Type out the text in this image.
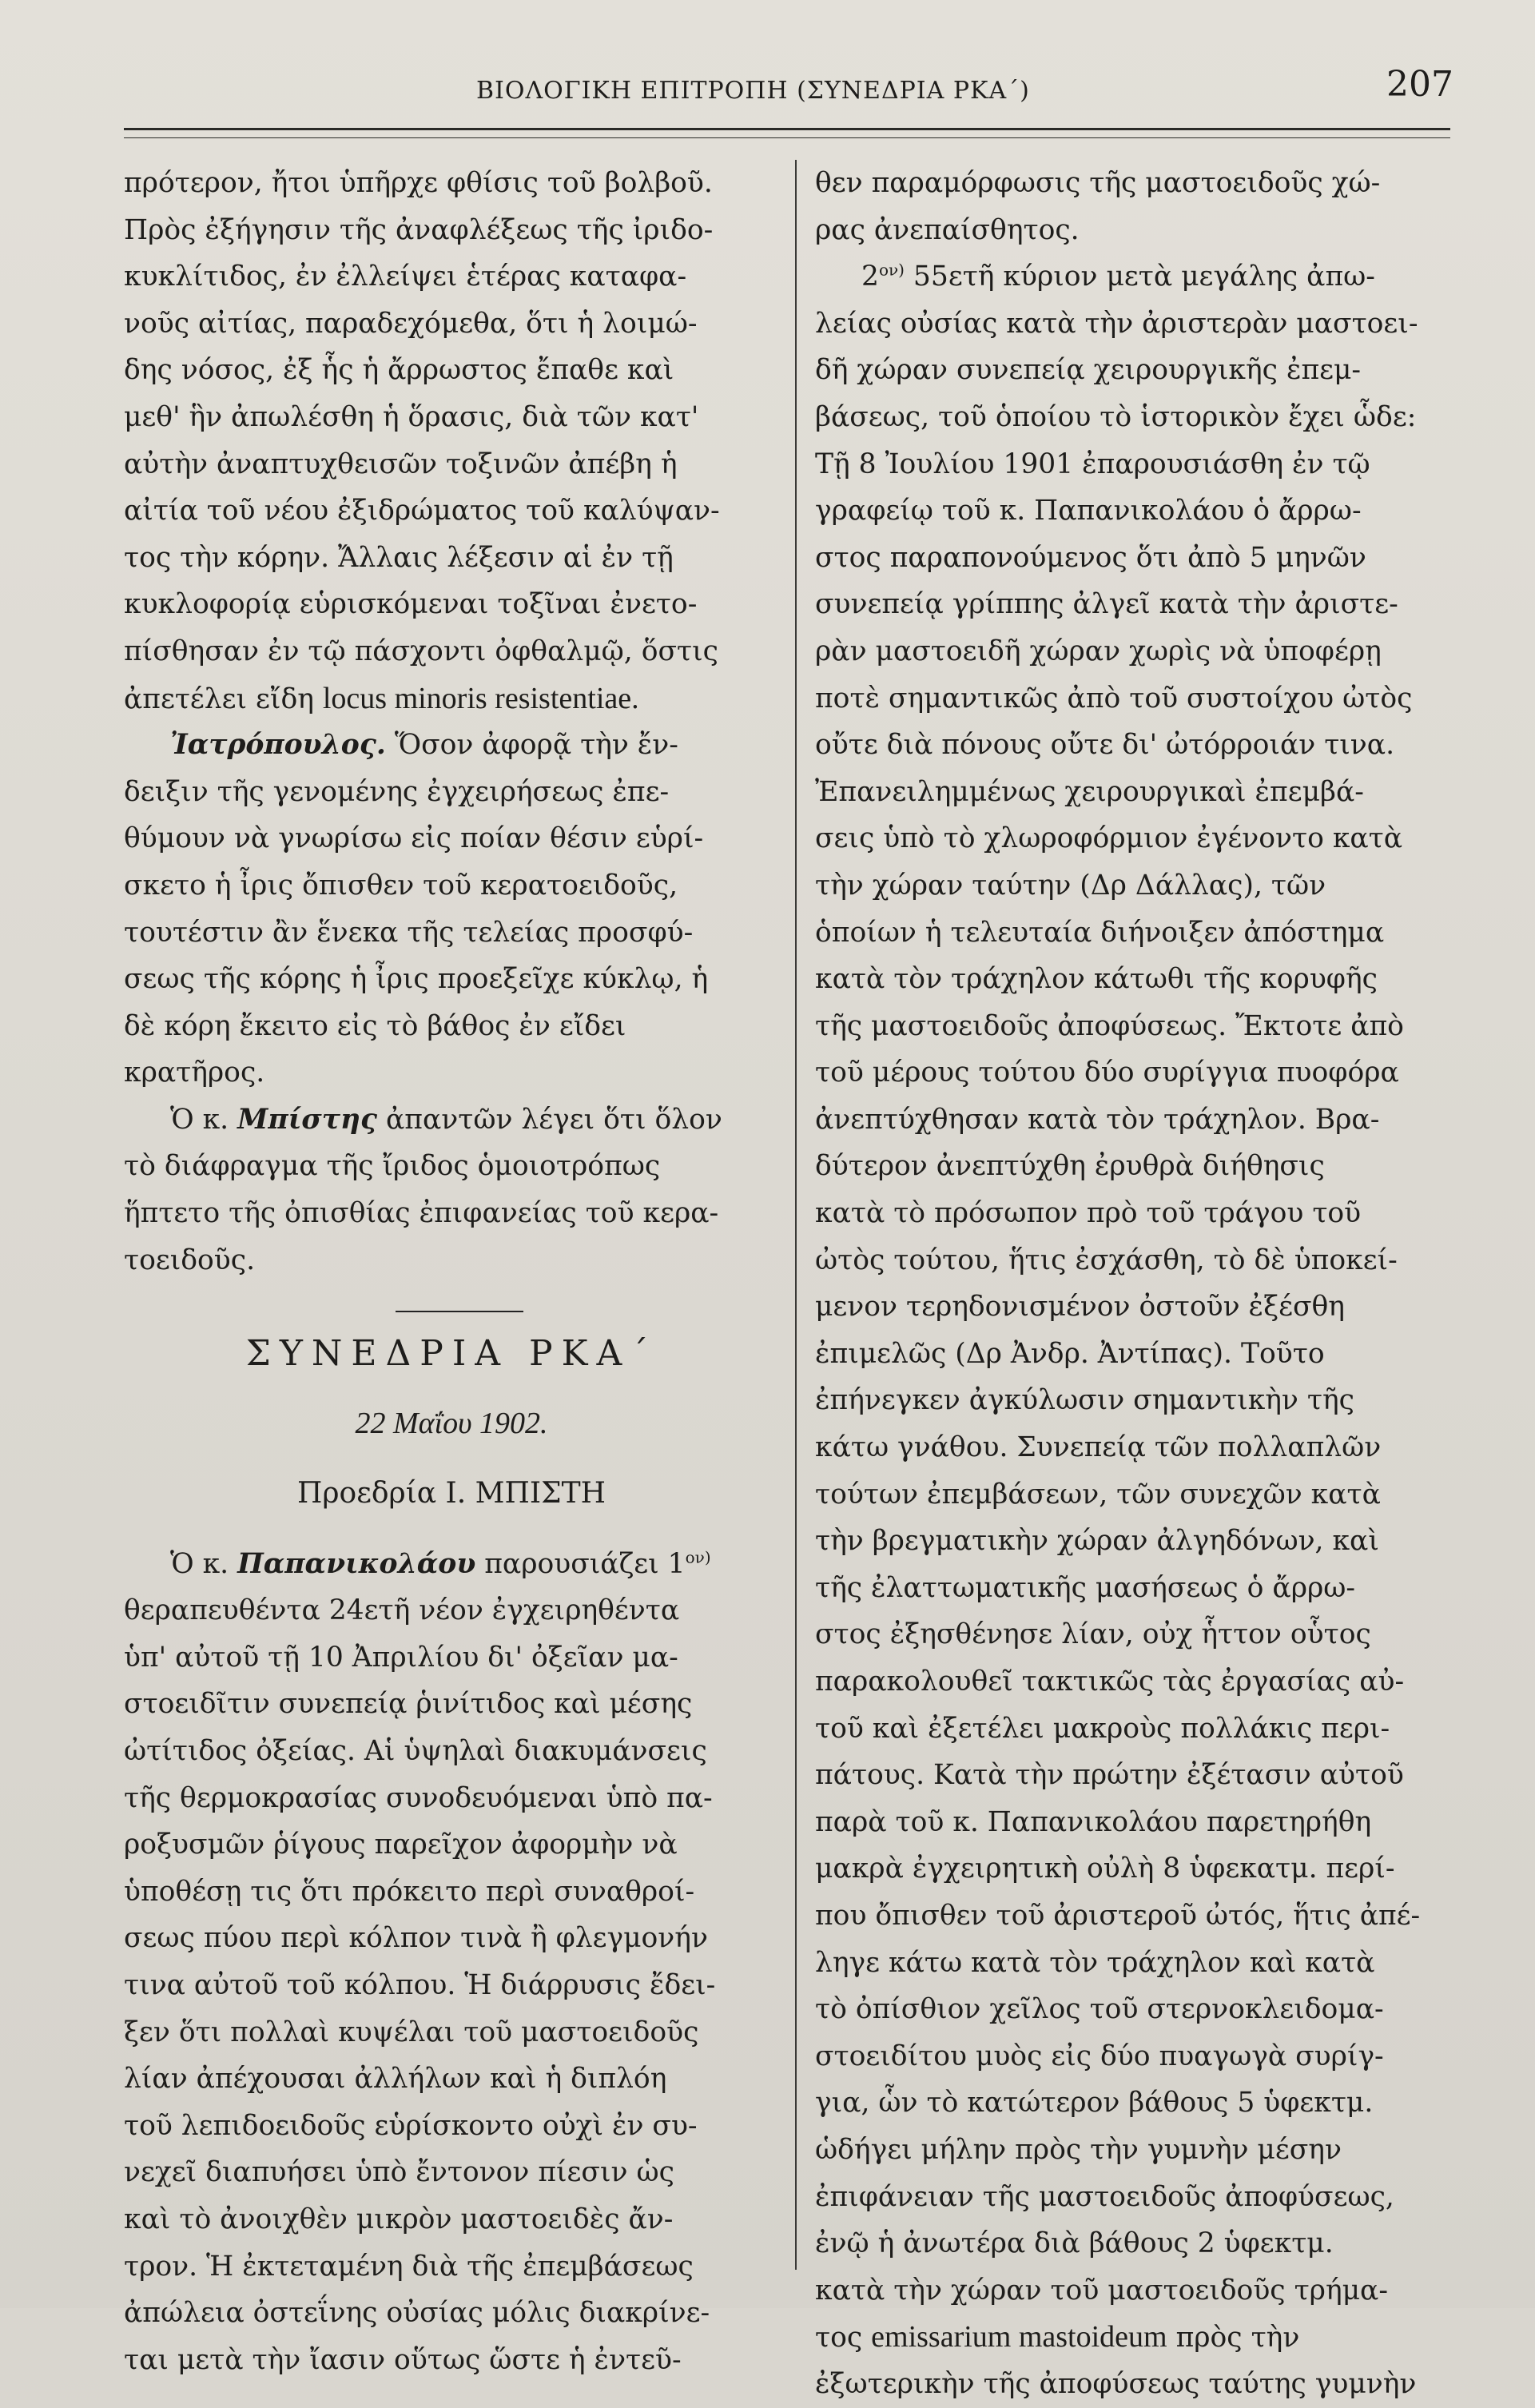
ΒΙΟΛΟΓΙΚΗ ΕΠΙΤΡΟΠΗ (ΣΥΝΕΔΡΙΑ ΡΚΑ΄)	207
πρότερον, ἤτοι ὑπῆρχε φθίσις τοῦ βολβοῦ.
Πρὸς ἐξήγησιν τῆς ἀναφλέξεως τῆς ἰριδο-
κυκλίτιδος, ἐν ἐλλείψει ἑτέρας καταφα-
νοῦς αἰτίας, παραδεχόμεθα, ὅτι ἡ λοιμώ-
δης νόσος, ἐξ ἧς ἡ ἄρρωστος ἔπαθε καὶ
μεθ' ἣν ἀπωλέσθη ἡ ὅρασις, διὰ τῶν κατ'
αὐτὴν ἀναπτυχθεισῶν τοξινῶν ἀπέβη ἡ
αἰτία τοῦ νέου ἐξιδρώματος τοῦ καλύψαν-
τος τὴν κόρην. Ἄλλαις λέξεσιν αἱ ἐν τῇ
κυκλοφορίᾳ εὑρισκόμεναι τοξῖναι ἐνετο-
πίσθησαν ἐν τῷ πάσχοντι ὀφθαλμῷ, ὅστις
ἀπετέλει εἴδη locus minoris resistentiae.
Ἰατρόπουλος. Ὅσον ἀφορᾷ τὴν ἔν-
δειξιν τῆς γενομένης ἐγχειρήσεως ἐπε-
θύμουν νὰ γνωρίσω εἰς ποίαν θέσιν εὑρί-
σκετο ἡ ἶρις ὄπισθεν τοῦ κερατοειδοῦς,
τουτέστιν ἂν ἕνεκα τῆς τελείας προσφύ-
σεως τῆς κόρης ἡ ἶρις προεξεῖχε κύκλῳ, ἡ
δὲ κόρη ἔκειτο εἰς τὸ βάθος ἐν εἴδει
κρατῆρος.
Ὁ κ. Μπίστης ἀπαντῶν λέγει ὅτι ὅλον
τὸ διάφραγμα τῆς ἴριδος ὁμοιοτρόπως
ἥπτετο τῆς ὀπισθίας ἐπιφανείας τοῦ κερα-
τοειδοῦς.
ΣΥΝΕΔΡΙΑ ΡΚΑ΄
22 Μαΐου 1902.
Προεδρία Ι. ΜΠΙΣΤΗ
Ὁ κ. Παπανικολάου παρουσιάζει $1^{o\nu)}$
θεραπευθέντα 24ετῆ νέον ἐγχειρηθέντα
ὑπ' αὐτοῦ τῇ 10 Ἀπριλίου δι' ὀξεῖαν μα-
στοειδῖτιν συνεπείᾳ ῥινίτιδος καὶ μέσης
ὠτίτιδος ὀξείας. Αἱ ὑψηλαὶ διακυμάνσεις
τῆς θερμοκρασίας συνοδευόμεναι ὑπὸ πα-
ροξυσμῶν ῥίγους παρεῖχον ἀφορμὴν νὰ
ὑποθέσῃ τις ὅτι πρόκειτο περὶ συναθροί-
σεως πύου περὶ κόλπον τινὰ ἢ φλεγμονήν
τινα αὐτοῦ τοῦ κόλπου. Ἡ διάρρυσις ἔδει-
ξεν ὅτι πολλαὶ κυψέλαι τοῦ μαστοειδοῦς
λίαν ἀπέχουσαι ἀλλήλων καὶ ἡ διπλόη
τοῦ λεπιδοειδοῦς εὑρίσκοντο οὐχὶ ἐν συ-
νεχεῖ διαπυήσει ὑπὸ ἔντονον πίεσιν ὡς
καὶ τὸ ἀνοιχθὲν μικρὸν μαστοειδὲς ἄν-
τρον. Ἡ ἐκτεταμένη διὰ τῆς ἐπεμβάσεως
ἀπώλεια ὀστεΐνης οὐσίας μόλις διακρίνε-
ται μετὰ τὴν ἴασιν οὕτως ὥστε ἡ ἐντεῦ-
θεν παραμόρφωσις τῆς μαστοειδοῦς χώ-
ρας ἀνεπαίσθητος.
$2^{o\nu)}$ 55ετῆ κύριον μετὰ μεγάλης ἀπω-
λείας οὐσίας κατὰ τὴν ἀριστερὰν μαστοει-
δῆ χώραν συνεπείᾳ χειρουργικῆς ἐπεμ-
βάσεως, τοῦ ὁποίου τὸ ἱστορικὸν ἔχει ὧδε:
Τῇ 8 Ἰουλίου 1901 ἐπαρουσιάσθη ἐν τῷ
γραφείῳ τοῦ κ. Παπανικολάου ὁ ἄρρω-
στος παραπονούμενος ὅτι ἀπὸ 5 μηνῶν
συνεπείᾳ γρίππης ἀλγεῖ κατὰ τὴν ἀριστε-
ρὰν μαστοειδῆ χώραν χωρὶς νὰ ὑποφέρῃ
ποτὲ σημαντικῶς ἀπὸ τοῦ συστοίχου ὠτὸς
οὔτε διὰ πόνους οὔτε δι' ὠτόρροιάν τινα.
Ἐπανειλημμένως χειρουργικαὶ ἐπεμβά-
σεις ὑπὸ τὸ χλωροφόρμιον ἐγένοντο κατὰ
τὴν χώραν ταύτην (Δρ Δάλλας), τῶν
ὁποίων ἡ τελευταία διήνοιξεν ἀπόστημα
κατὰ τὸν τράχηλον κάτωθι τῆς κορυφῆς
τῆς μαστοειδοῦς ἀποφύσεως. Ἔκτοτε ἀπὸ
τοῦ μέρους τούτου δύο συρίγγια πυοφόρα
ἀνεπτύχθησαν κατὰ τὸν τράχηλον. Βρα-
δύτερον ἀνεπτύχθη ἐρυθρὰ διήθησις
κατὰ τὸ πρόσωπον πρὸ τοῦ τράγου τοῦ
ὠτὸς τούτου, ἥτις ἐσχάσθη, τὸ δὲ ὑποκεί-
μενον τερηδονισμένον ὀστοῦν ἐξέσθη
ἐπιμελῶς (Δρ Ἀνδρ. Ἀντίπας). Τοῦτο
ἐπήνεγκεν ἀγκύλωσιν σημαντικὴν τῆς
κάτω γνάθου. Συνεπείᾳ τῶν πολλαπλῶν
τούτων ἐπεμβάσεων, τῶν συνεχῶν κατὰ
τὴν βρεγματικὴν χώραν ἀλγηδόνων, καὶ
τῆς ἐλαττωματικῆς μασήσεως ὁ ἄρρω-
στος ἐξησθένησε λίαν, οὐχ ἧττον οὗτος
παρακολουθεῖ τακτικῶς τὰς ἐργασίας αὐ-
τοῦ καὶ ἐξετέλει μακροὺς πολλάκις περι-
πάτους. Κατὰ τὴν πρώτην ἐξέτασιν αὐτοῦ
παρὰ τοῦ κ. Παπανικολάου παρετηρήθη
μακρὰ ἐγχειρητικὴ οὐλὴ 8 ὑφεκατμ. περί-
που ὄπισθεν τοῦ ἀριστεροῦ ὠτός, ἥτις ἀπέ-
ληγε κάτω κατὰ τὸν τράχηλον καὶ κατὰ
τὸ ὀπίσθιον χεῖλος τοῦ στερνοκλειδομα-
στοειδίτου μυὸς εἰς δύο πυαγωγὰ συρίγ-
για, ὧν τὸ κατώτερον βάθους 5 ὑφεκτμ.
ὡδήγει μήλην πρὸς τὴν γυμνὴν μέσην
ἐπιφάνειαν τῆς μαστοειδοῦς ἀποφύσεως,
ἐνῷ ἡ ἀνωτέρα διὰ βάθους 2 ὑφεκτμ.
κατὰ τὴν χώραν τοῦ μαστοειδοῦς τρήμα-
τος emissarium mastoideum πρὸς τὴν
ἐξωτερικὴν τῆς ἀποφύσεως ταύτης γυμνὴν
